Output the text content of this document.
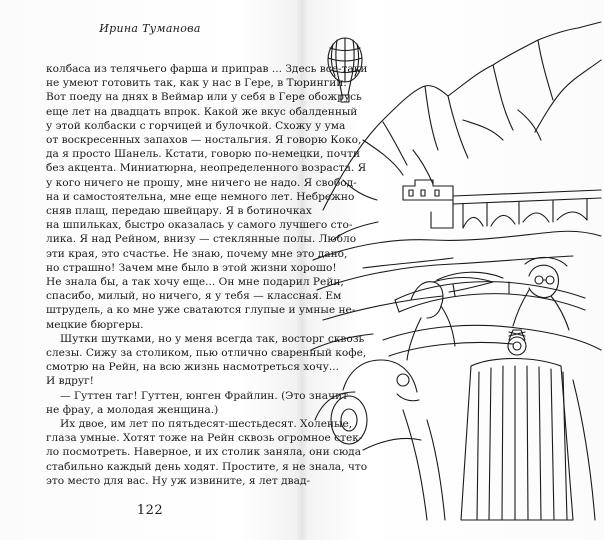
Ирина Туманова
колбаса из телячьего фарша и приправ ... Здесь все-таки
не умеют готовить так, как у нас в Гере, в Тюрингии.
Вот поеду на днях в Веймар или у себя в Гере обожрусь
еще лет на двадцать впрок. Какой же вкус обалденный
у этой колбаски с горчицей и булочкой. Схожу у ума
от воскресенных запахов — ностальгия. Я говорю Коко,
да я просто Шанель. Кстати, говорю по-немецки, почти
без акцента. Миниатюрна, неопределенного возраста. Я
у кого ничего не прошу, мне ничего не надо. Я свобод-
на и самостоятельна, мне еще немного лет. Небрежно
сняв плащ, передаю швейцару. Я в ботиночках
на шпильках, быстро оказалась у самого лучшего сто-
лика. Я над Рейном, внизу — стеклянные полы. Любло
эти края, это счастье. Не знаю, почему мне это дано,
но страшно! Зачем мне было в этой жизни хорошо!
Не знала бы, а так хочу еще... Он мне подарил Рейн,
спасибо, милый, но ничего, я у тебя — классная. Ем
штрудель, а ко мне уже сватаются глупые и умные не-
мецкие бюргеры.
Шутки шутками, но у меня всегда так, восторг сквозь
слезы. Сижу за столиком, пью отлично сваренный кофе,
смотрю на Рейн, на всю жизнь насмотреться хочу...
И вдруг!
— Гуттен таг! Гуттен, юнген Фрайлин. (Это значит
не фрау, а молодая женщина.)
Их двое, им лет по пятьдесят-шестьдесят. Холеные,
глаза умные. Хотят тоже на Рейн сквозь огромное стек-
ло посмотреть. Наверное, и их столик заняла, они сюда
стабильно каждый день ходят. Простите, я не знала, что
это место для вас. Ну уж извините, я лет двад-
122
